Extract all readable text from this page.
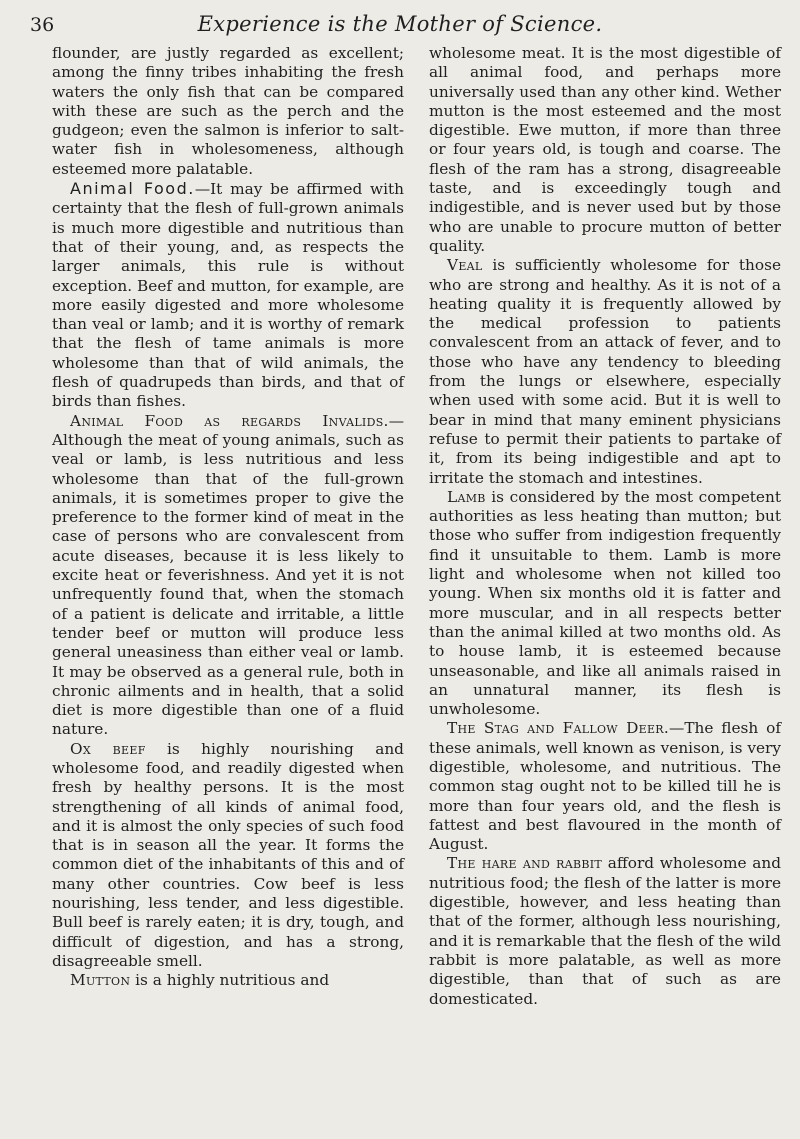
36	Experience is the Mother of Science.

flounder, are justly regarded as excellent; among the finny tribes inhabiting the fresh waters the only fish that can be compared with these are such as the perch and the gudgeon; even the salmon is inferior to salt-water fish in wholesomeness, although esteemed more palatable.

Animal Food.—It may be affirmed with certainty that the flesh of full-grown animals is much more digestible and nutritious than that of their young, and, as respects the larger animals, this rule is without exception. Beef and mutton, for example, are more easily digested and more wholesome than veal or lamb; and it is worthy of remark that the flesh of tame animals is more wholesome than that of wild animals, the flesh of quadrupeds than birds, and that of birds than fishes.

Animal Food as regards Invalids.—Although the meat of young animals, such as veal or lamb, is less nutritious and less wholesome than that of the full-grown animals, it is sometimes proper to give the preference to the former kind of meat in the case of persons who are convalescent from acute diseases, because it is less likely to excite heat or feverishness. And yet it is not unfrequently found that, when the stomach of a patient is delicate and irritable, a little tender beef or mutton will produce less general uneasiness than either veal or lamb. It may be observed as a general rule, both in chronic ailments and in health, that a solid diet is more digestible than one of a fluid nature.

Ox beef is highly nourishing and wholesome food, and readily digested when fresh by healthy persons. It is the most strengthening of all kinds of animal food, and it is almost the only species of such food that is in season all the year. It forms the common diet of the inhabitants of this and of many other countries. Cow beef is less nourishing, less tender, and less digestible. Bull beef is rarely eaten; it is dry, tough, and difficult of digestion, and has a strong, disagreeable smell.

Mutton is a highly nutritious and

wholesome meat. It is the most digestible of all animal food, and perhaps more universally used than any other kind. Wether mutton is the most esteemed and the most digestible. Ewe mutton, if more than three or four years old, is tough and coarse. The flesh of the ram has a strong, disagreeable taste, and is exceedingly tough and indigestible, and is never used but by those who are unable to procure mutton of better quality.

Veal is sufficiently wholesome for those who are strong and healthy. As it is not of a heating quality it is frequently allowed by the medical profession to patients convalescent from an attack of fever, and to those who have any tendency to bleeding from the lungs or elsewhere, especially when used with some acid. But it is well to bear in mind that many eminent physicians refuse to permit their patients to partake of it, from its being indigestible and apt to irritate the stomach and intestines.

Lamb is considered by the most competent authorities as less heating than mutton; but those who suffer from indigestion frequently find it unsuitable to them. Lamb is more light and wholesome when not killed too young. When six months old it is fatter and more muscular, and in all respects better than the animal killed at two months old. As to house lamb, it is esteemed because unseasonable, and like all animals raised in an unnatural manner, its flesh is unwholesome.

The Stag and Fallow Deer.—The flesh of these animals, well known as venison, is very digestible, wholesome, and nutritious. The common stag ought not to be killed till he is more than four years old, and the flesh is fattest and best flavoured in the month of August.

The hare and rabbit afford wholesome and nutritious food; the flesh of the latter is more digestible, however, and less heating than that of the former, although less nourishing, and it is remarkable that the flesh of the wild rabbit is more palatable, as well as more digestible, than that of such as are domesticated.
